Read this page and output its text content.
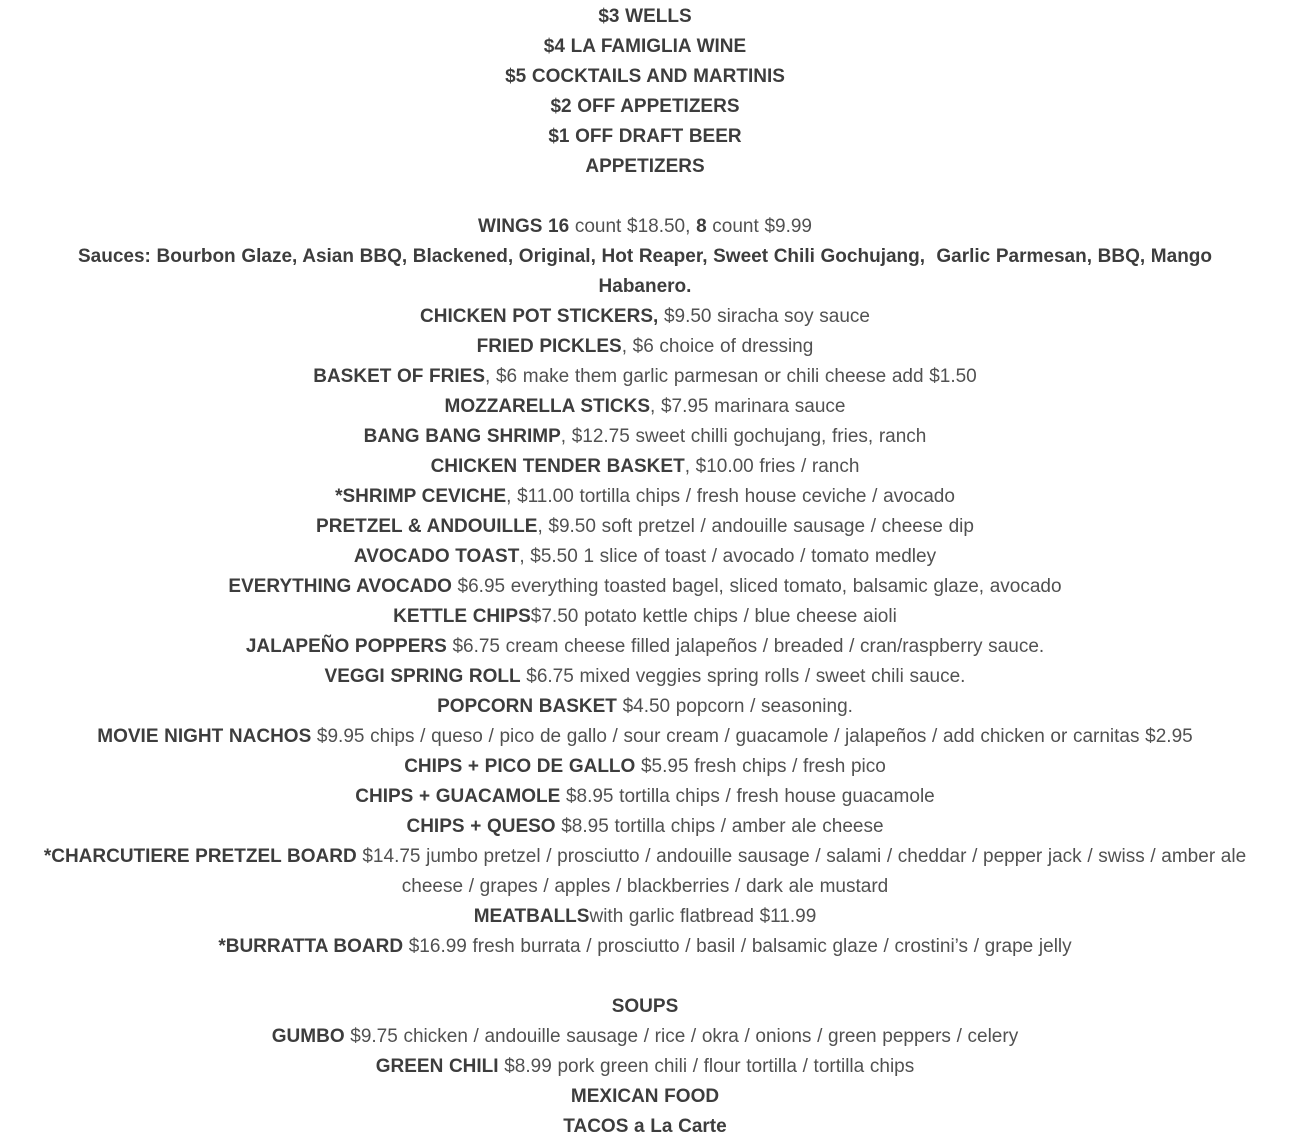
$3 WELLS
$4 LA FAMIGLIA WINE
$5 COCKTAILS AND MARTINIS
$2 OFF APPETIZERS
$1 OFF DRAFT BEER
APPETIZERS
WINGS 16 count $18.50, 8 count $9.99
Sauces: Bourbon Glaze, Asian BBQ, Blackened, Original, Hot Reaper, Sweet Chili Gochujang,  Garlic Parmesan, BBQ, Mango Habanero.
CHICKEN POT STICKERS, $9.50 siracha soy sauce
FRIED PICKLES, $6 choice of dressing
BASKET OF FRIES, $6 make them garlic parmesan or chili cheese add $1.50
MOZZARELLA STICKS, $7.95 marinara sauce
BANG BANG SHRIMP, $12.75 sweet chilli gochujang, fries, ranch
CHICKEN TENDER BASKET, $10.00 fries / ranch
*SHRIMP CEVICHE, $11.00 tortilla chips / fresh house ceviche / avocado
PRETZEL & ANDOUILLE, $9.50 soft pretzel / andouille sausage / cheese dip
AVOCADO TOAST, $5.50 1 slice of toast / avocado / tomato medley
EVERYTHING AVOCADO $6.95 everything toasted bagel, sliced tomato, balsamic glaze, avocado
KETTLE CHIPS$7.50 potato kettle chips / blue cheese aioli
JALAPEÑO POPPERS $6.75 cream cheese filled jalapeños / breaded / cran/raspberry sauce.
VEGGI SPRING ROLL $6.75 mixed veggies spring rolls / sweet chili sauce.
POPCORN BASKET $4.50 popcorn / seasoning.
MOVIE NIGHT NACHOS $9.95 chips / queso / pico de gallo / sour cream / guacamole / jalapeños / add chicken or carnitas $2.95
CHIPS + PICO DE GALLO $5.95 fresh chips / fresh pico
CHIPS + GUACAMOLE $8.95 tortilla chips / fresh house guacamole
CHIPS + QUESO $8.95 tortilla chips / amber ale cheese
*CHARCUTIERE PRETZEL BOARD $14.75 jumbo pretzel / prosciutto / andouille sausage / salami / cheddar / pepper jack / swiss / amber ale cheese / grapes / apples / blackberries / dark ale mustard
MEATBALLSwith garlic flatbread $11.99
*BURRATTA BOARD $16.99 fresh burrata / prosciutto / basil / balsamic glaze / crostini’s / grape jelly
SOUPS
GUMBO $9.75 chicken / andouille sausage / rice / okra / onions / green peppers / celery
GREEN CHILI $8.99 pork green chili / flour tortilla / tortilla chips
MEXICAN FOOD
TACOS a La Carte
